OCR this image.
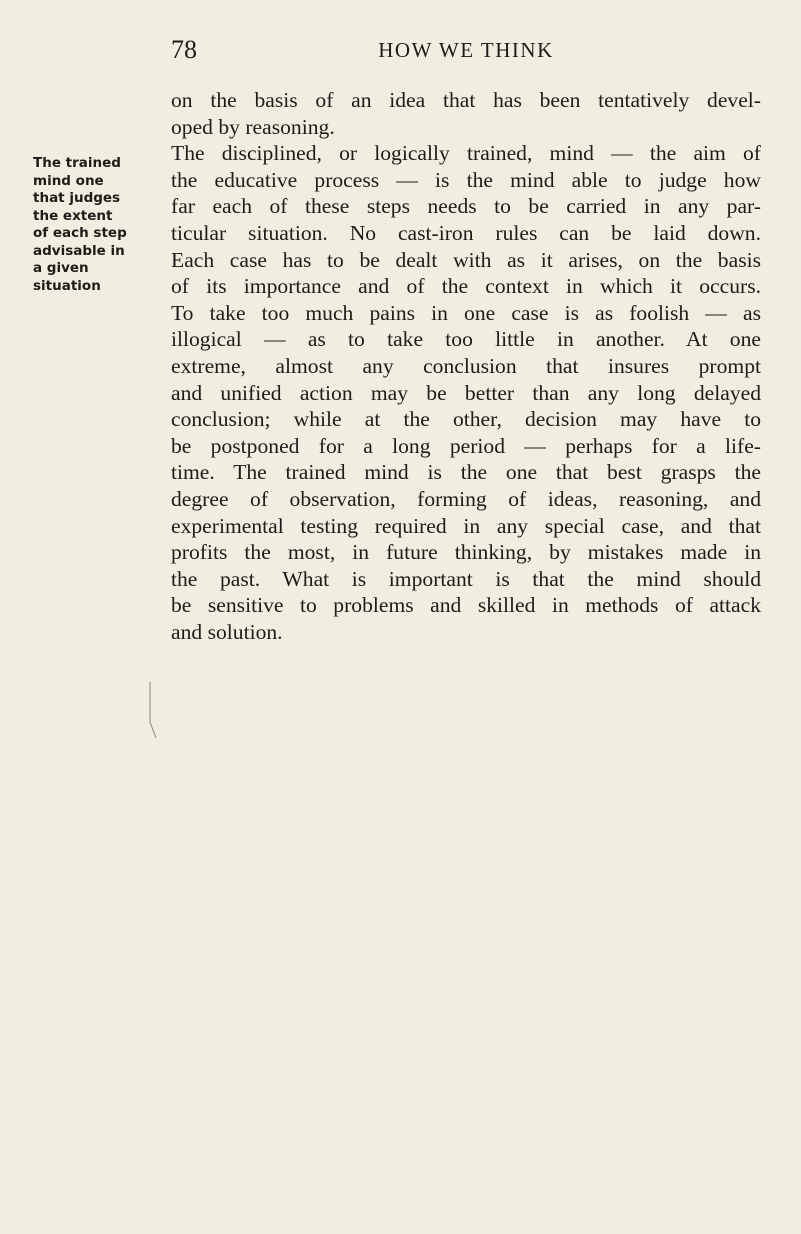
78	HOW WE THINK
The trained
mind one
that judges
the extent
of each step
advisable in
a given
situation
on the basis of an idea that has been tentatively devel-
oped by reasoning.
The disciplined, or logically trained, mind — the aim of
the educative process — is the mind able to judge how
far each of these steps needs to be carried in any par-
ticular situation. No cast-iron rules can be laid down.
Each case has to be dealt with as it arises, on the basis
of its importance and of the context in which it occurs.
To take too much pains in one case is as foolish — as
illogical — as to take too little in another. At one
extreme, almost any conclusion that insures prompt
and unified action may be better than any long delayed
conclusion; while at the other, decision may have to
be postponed for a long period — perhaps for a life-
time. The trained mind is the one that best grasps the
degree of observation, forming of ideas, reasoning, and
experimental testing required in any special case, and that
profits the most, in future thinking, by mistakes made in
the past. What is important is that the mind should
be sensitive to problems and skilled in methods of attack
and solution.
